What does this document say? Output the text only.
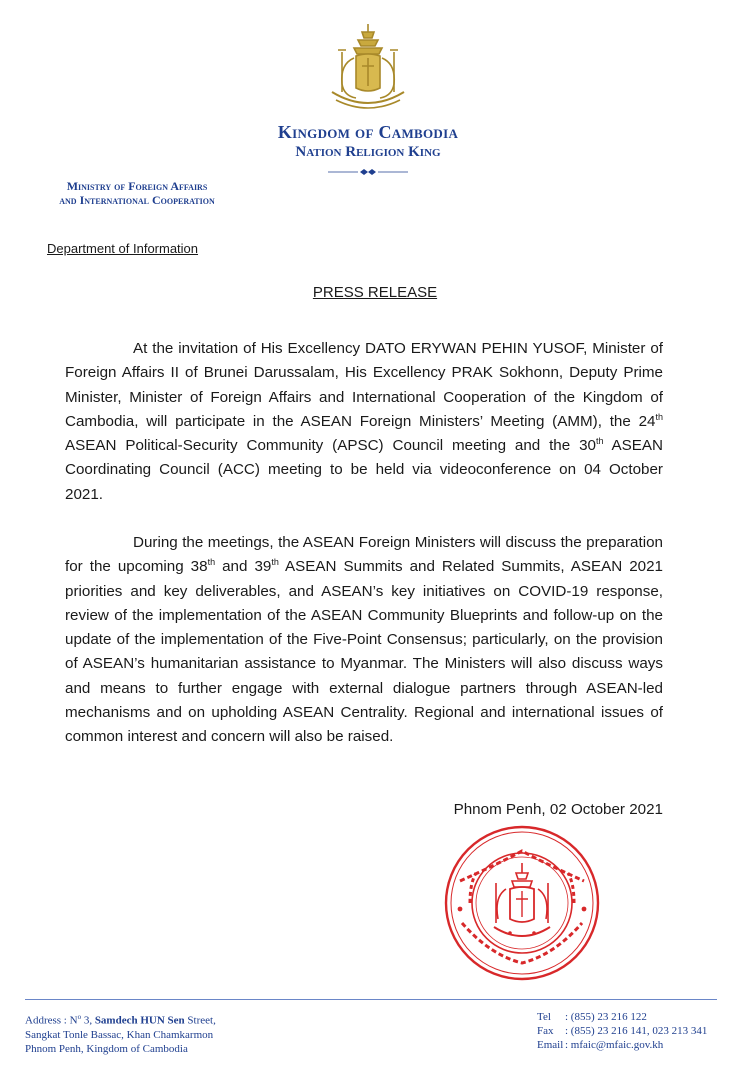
Kingdom of Cambodia
Nation Religion King
Ministry of Foreign Affairs
and International Cooperation
Department of Information
PRESS RELEASE
At the invitation of His Excellency DATO ERYWAN PEHIN YUSOF, Minister of Foreign Affairs II of Brunei Darussalam, His Excellency PRAK Sokhonn, Deputy Prime Minister, Minister of Foreign Affairs and International Cooperation of the Kingdom of Cambodia, will participate in the ASEAN Foreign Ministers’ Meeting (AMM), the 24th ASEAN Political-Security Community (APSC) Council meeting and the 30th ASEAN Coordinating Council (ACC) meeting to be held via videoconference on 04 October 2021.
During the meetings, the ASEAN Foreign Ministers will discuss the preparation for the upcoming 38th and 39th ASEAN Summits and Related Summits, ASEAN 2021 priorities and key deliverables, and ASEAN’s key initiatives on COVID-19 response, review of the implementation of the ASEAN Community Blueprints and follow-up on the update of the implementation of the Five-Point Consensus; particularly, on the provision of ASEAN’s humanitarian assistance to Myanmar. The Ministers will also discuss ways and means to further engage with external dialogue partners through ASEAN-led mechanisms and on upholding ASEAN Centrality. Regional and international issues of common interest and concern will also be raised.
Phnom Penh, 02 October 2021
Address : $N^o$ 3, Samdech HUN Sen Street,
Sangkat Tonle Bassac, Khan Chamkarmon
Phnom Penh, Kingdom of Cambodia
Tel : (855) 23 216 122
Fax : (855) 23 216 141, 023 213 341
Email : mfaic@mfaic.gov.kh
